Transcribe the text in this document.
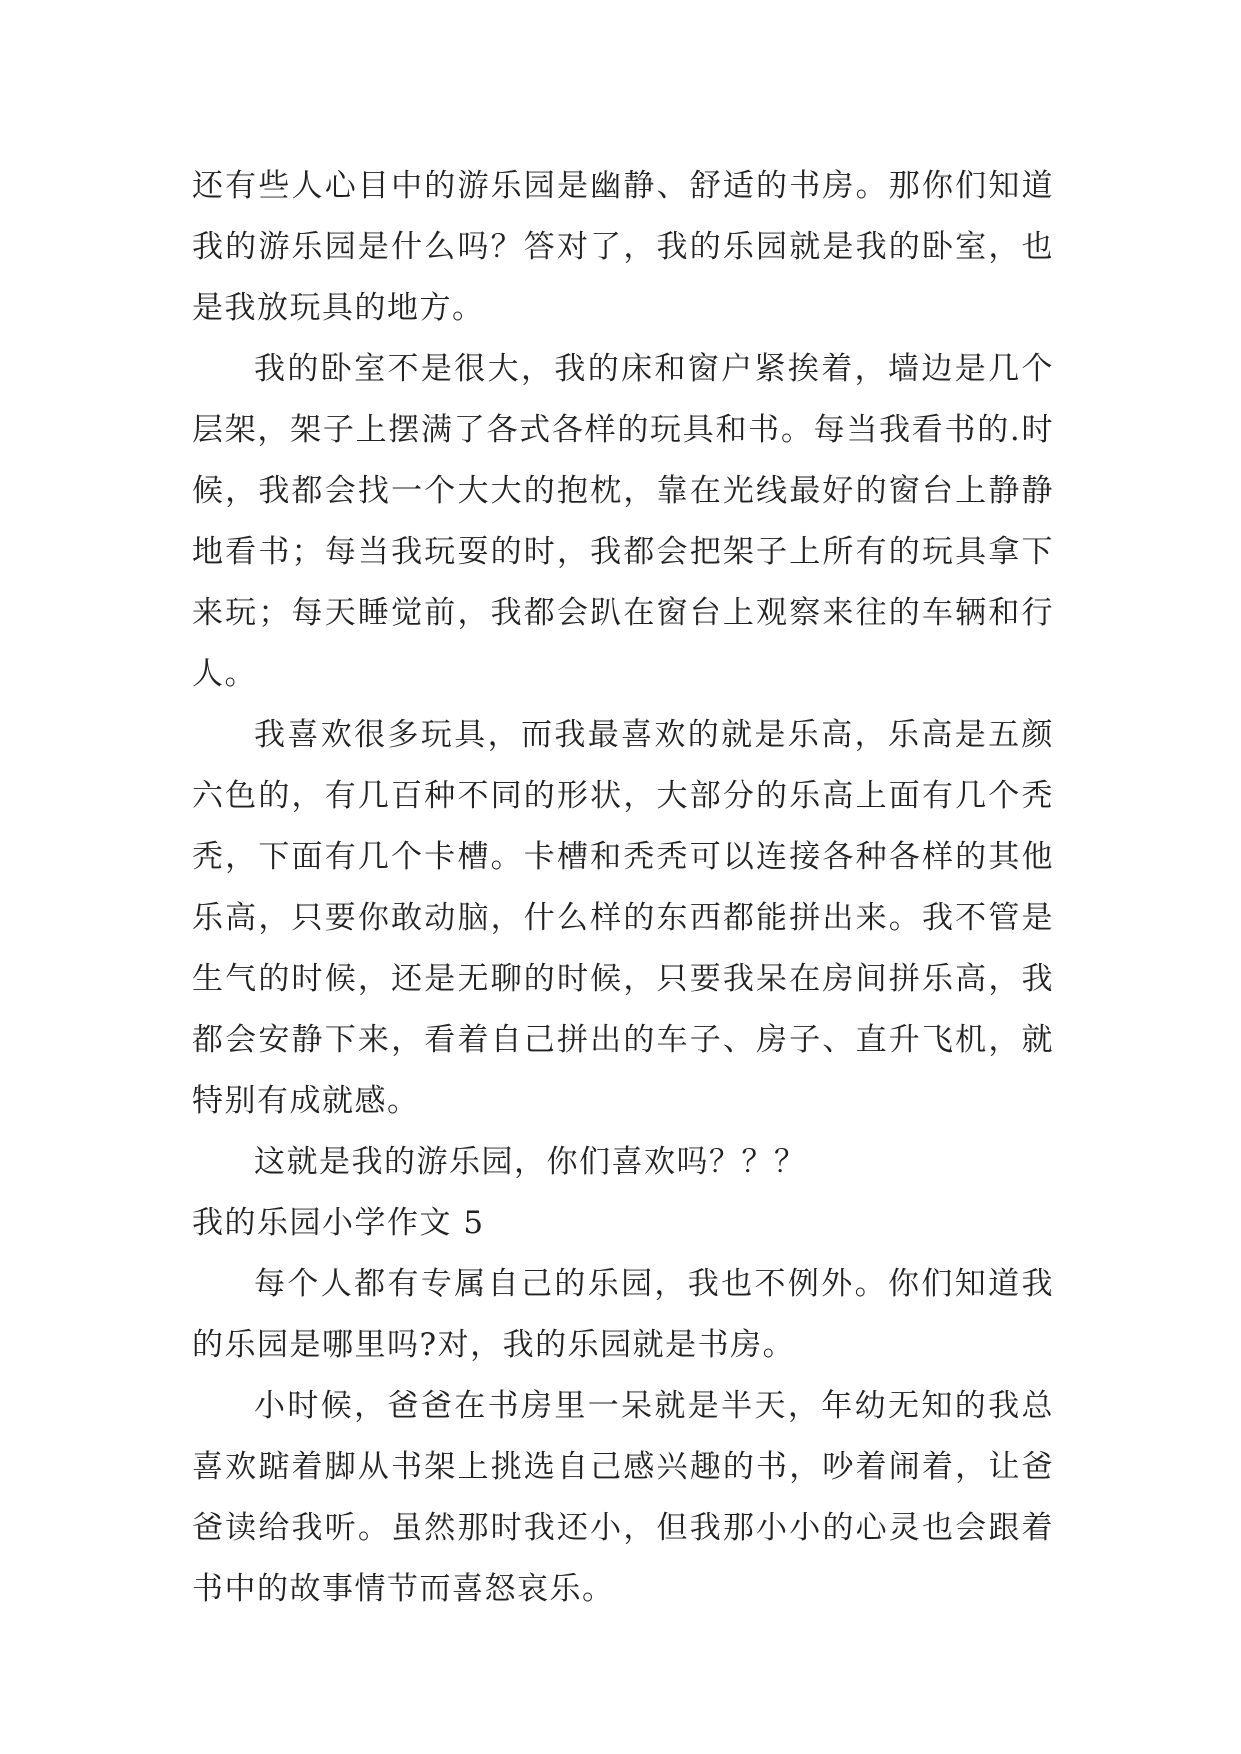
还有些人心目中的游乐园是幽静、舒适的书房。那你们知道我的游乐园是什么吗？答对了，我的乐园就是我的卧室，也是我放玩具的地方。

我的卧室不是很大，我的床和窗户紧挨着，墙边是几个层架，架子上摆满了各式各样的玩具和书。每当我看书的.时候，我都会找一个大大的抱枕，靠在光线最好的窗台上静静地看书；每当我玩耍的时，我都会把架子上所有的玩具拿下来玩；每天睡觉前，我都会趴在窗台上观察来往的车辆和行人。

我喜欢很多玩具，而我最喜欢的就是乐高，乐高是五颜六色的，有几百种不同的形状，大部分的乐高上面有几个秃秃，下面有几个卡槽。卡槽和秃秃可以连接各种各样的其他乐高，只要你敢动脑，什么样的东西都能拼出来。我不管是生气的时候，还是无聊的时候，只要我呆在房间拼乐高，我都会安静下来，看着自己拼出的车子、房子、直升飞机，就特别有成就感。

这就是我的游乐园，你们喜欢吗？？？

我的乐园小学作文 5

每个人都有专属自己的乐园，我也不例外。你们知道我的乐园是哪里吗?对，我的乐园就是书房。

小时候，爸爸在书房里一呆就是半天，年幼无知的我总喜欢踮着脚从书架上挑选自己感兴趣的书，吵着闹着，让爸爸读给我听。虽然那时我还小，但我那小小的心灵也会跟着书中的故事情节而喜怒哀乐。
